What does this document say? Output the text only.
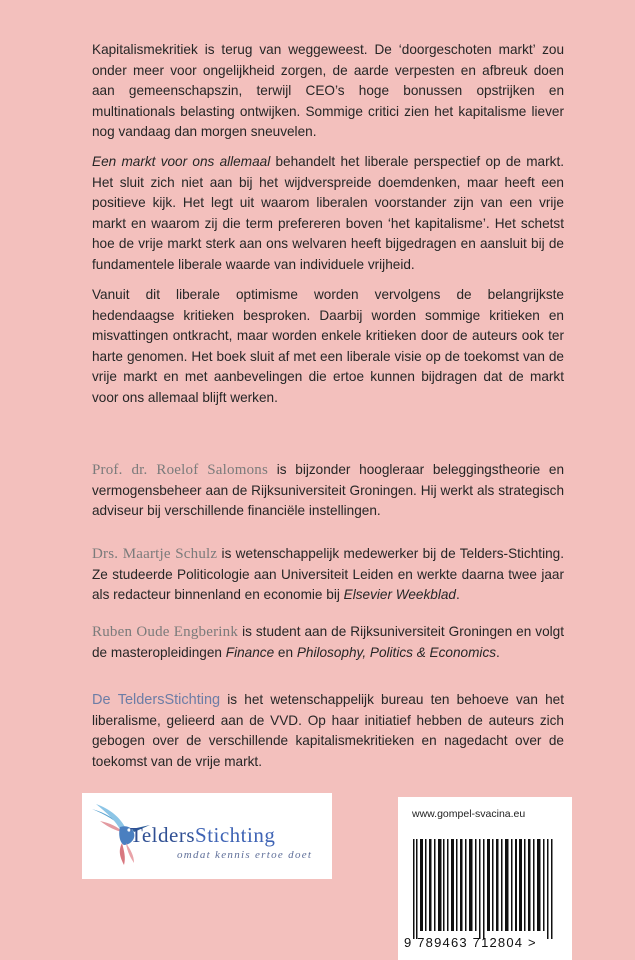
Kapitalismekritiek is terug van weggeweest. De ‘doorgeschoten markt’ zou onder meer voor ongelijkheid zorgen, de aarde verpesten en afbreuk doen aan gemeenschapszin, terwijl CEO’s hoge bonussen opstrijken en multinationals belasting ontwijken. Sommige critici zien het kapitalisme liever nog vandaag dan morgen sneuvelen.

Een markt voor ons allemaal behandelt het liberale perspectief op de markt. Het sluit zich niet aan bij het wijdverspreide doemdenken, maar heeft een positieve kijk. Het legt uit waarom liberalen voorstander zijn van een vrije markt en waarom zij die term prefereren boven ‘het kapitalisme’. Het schetst hoe de vrije markt sterk aan ons welvaren heeft bijgedragen en aansluit bij de fundamentele liberale waarde van individuele vrijheid.

Vanuit dit liberale optimisme worden vervolgens de belangrijkste hedendaagse kritieken besproken. Daarbij worden sommige kritieken en misvattingen ontkracht, maar worden enkele kritieken door de auteurs ook ter harte genomen. Het boek sluit af met een liberale visie op de toekomst van de vrije markt en met aanbevelingen die ertoe kunnen bijdragen dat de markt voor ons allemaal blijft werken.

Prof. dr. Roelof Salomons is bijzonder hoogleraar beleggingstheorie en vermogensbeheer aan de Rijksuniversiteit Groningen. Hij werkt als strategisch adviseur bij verschillende financiële instellingen.

Drs. Maartje Schulz is wetenschappelijk medewerker bij de Telders-Stichting. Ze studeerde Politicologie aan Universiteit Leiden en werkte daarna twee jaar als redacteur binnenland en economie bij Elsevier Weekblad.

Ruben Oude Engberink is student aan de Rijksuniversiteit Groningen en volgt de masteropleidingen Finance en Philosophy, Politics & Economics.

De TeldersStichting is het wetenschappelijk bureau ten behoeve van het liberalisme, gelieerd aan de VVD. Op haar initiatief hebben de auteurs zich gebogen over de verschillende kapitalismekritieken en nagedacht over de toekomst van de vrije markt.

TeldersStichting
omdat kennis ertoe doet
www.gompel-svacina.eu
9 789463 712804 >
